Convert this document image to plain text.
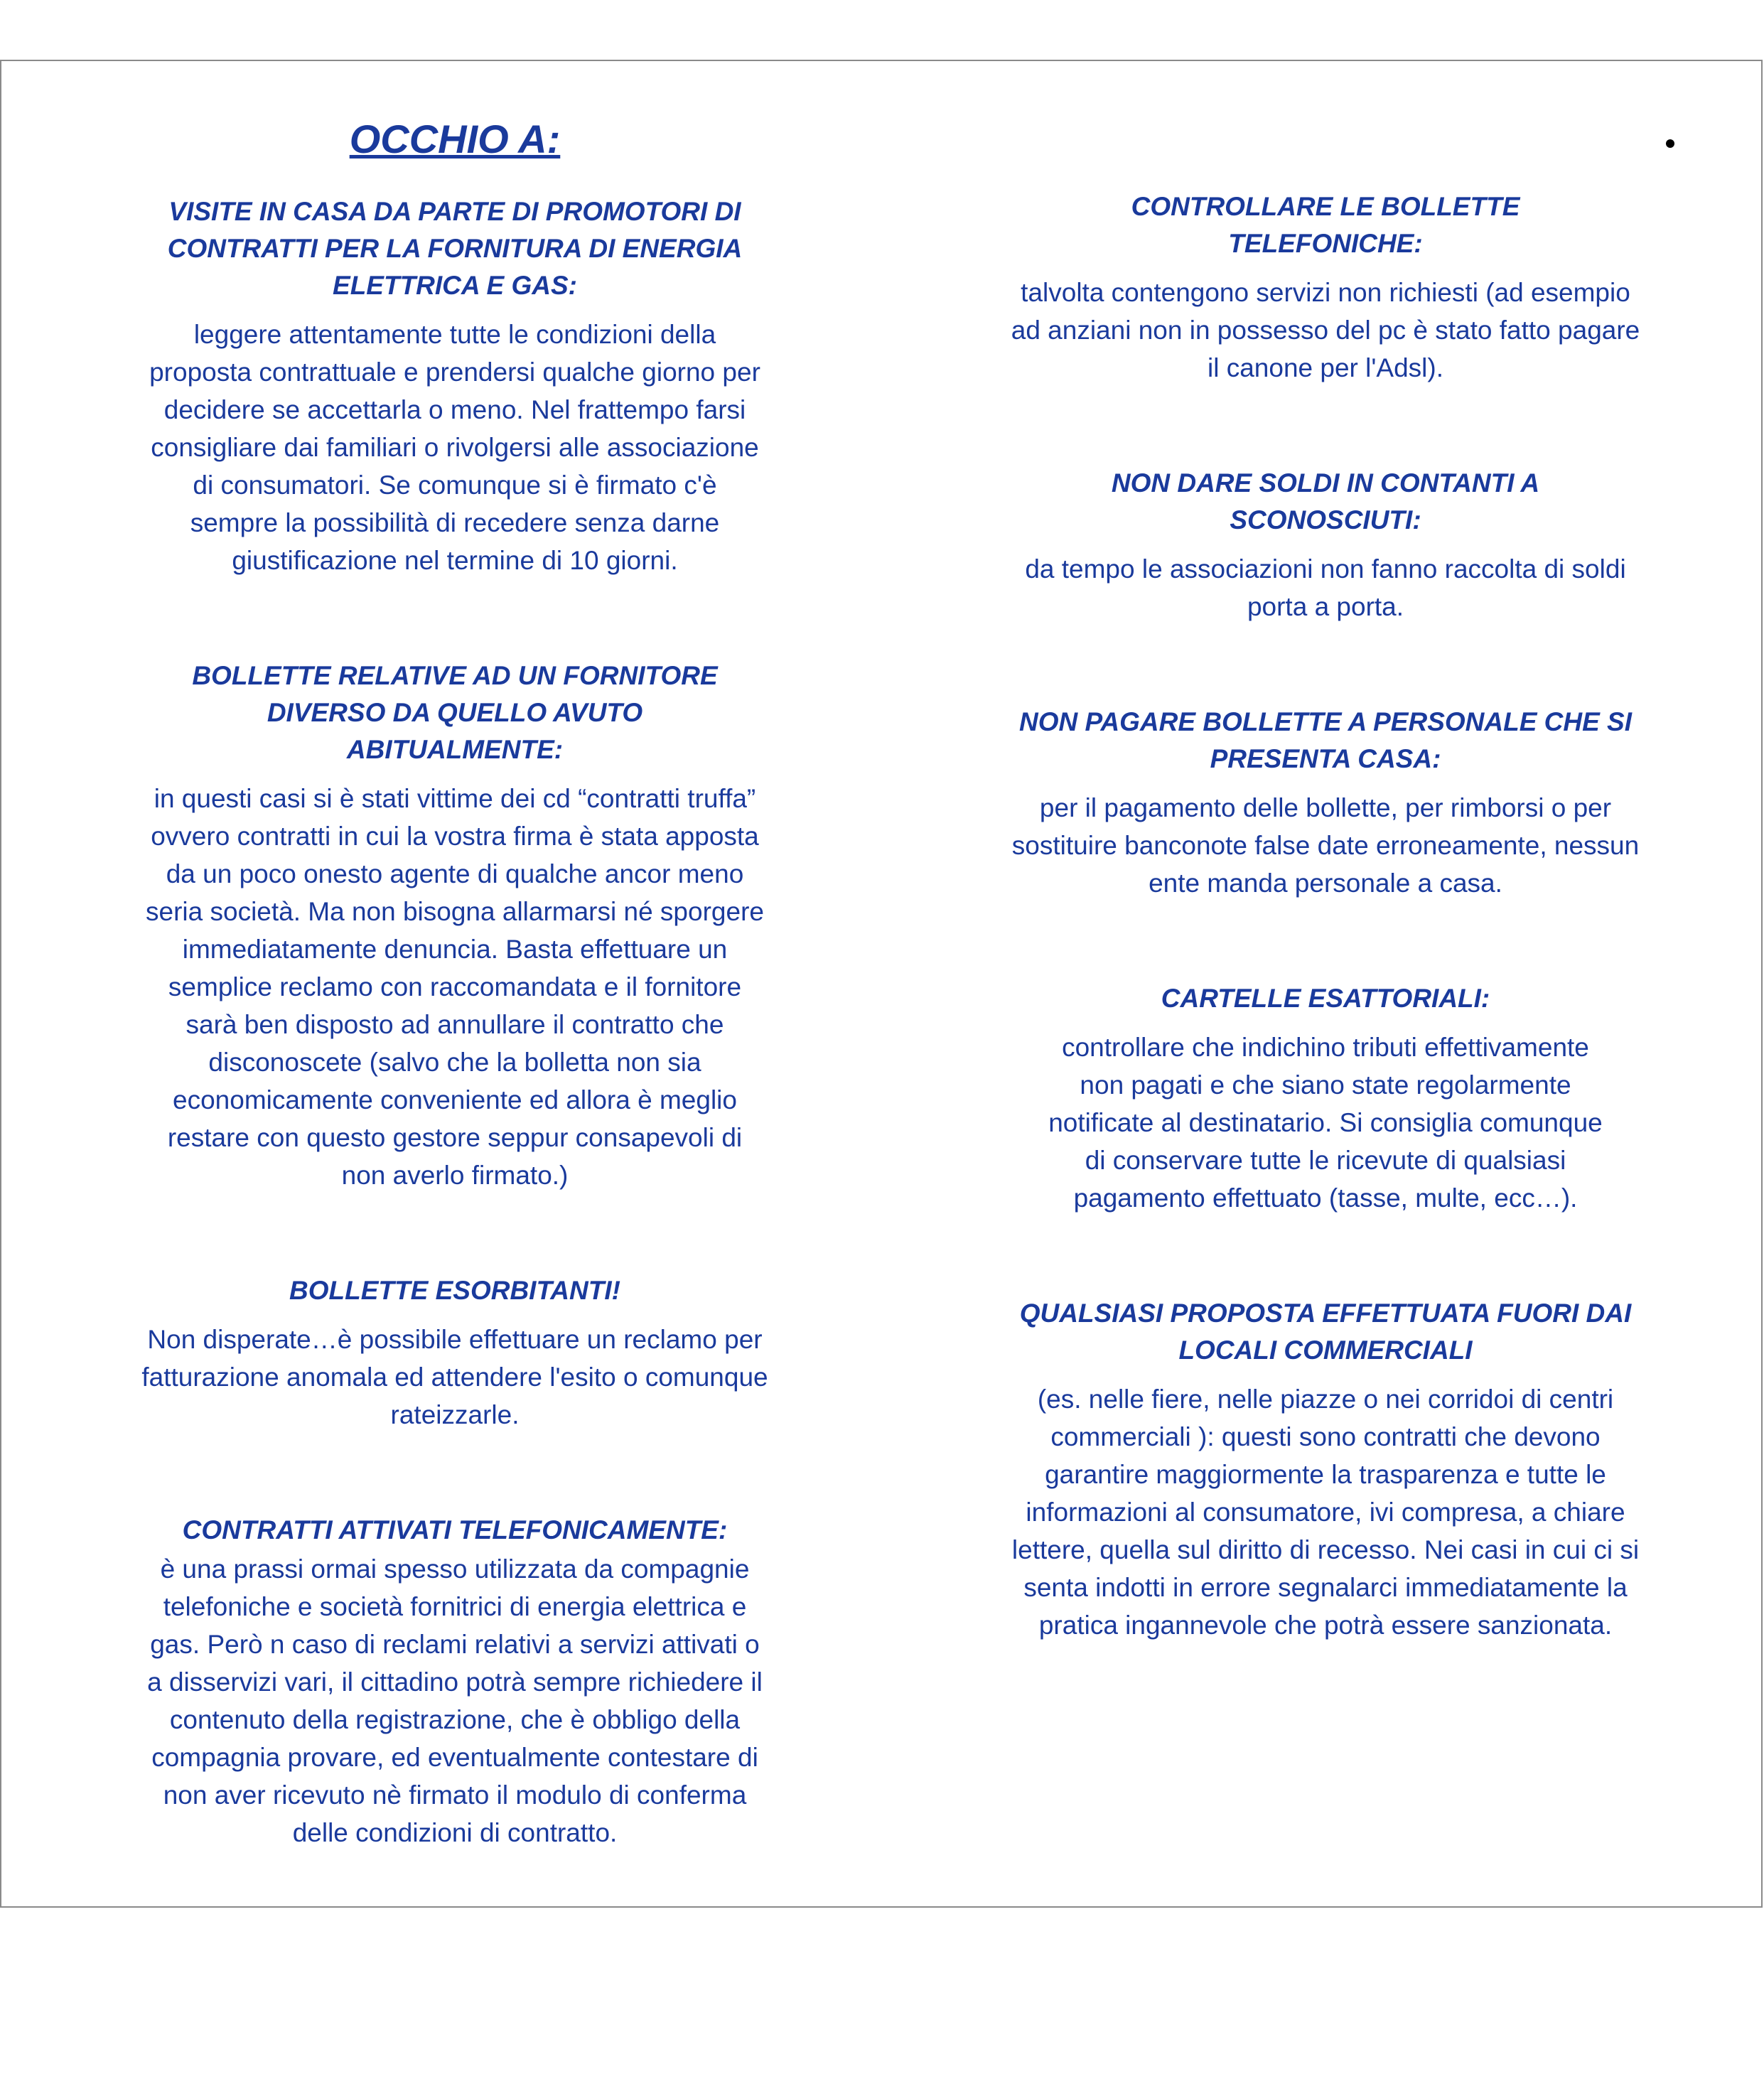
OCCHIO A:
VISITE IN CASA DA PARTE DI PROMOTORI DI CONTRATTI PER LA FORNITURA DI ENERGIA ELETTRICA E GAS:
leggere attentamente tutte le condizioni della proposta contrattuale e prendersi qualche giorno per decidere se accettarla o meno. Nel frattempo farsi consigliare dai familiari o rivolgersi alle associazione di consumatori. Se comunque si è firmato c'è sempre la possibilità di recedere senza darne giustificazione nel termine di 10 giorni.
BOLLETTE RELATIVE AD UN FORNITORE DIVERSO DA QUELLO AVUTO ABITUALMENTE:
in questi casi si è stati vittime dei cd “contratti truffa” ovvero contratti in cui la vostra firma è stata apposta da un poco onesto agente di qualche ancor meno seria società. Ma non bisogna allarmarsi né sporgere immediatamente denuncia. Basta effettuare un semplice reclamo con raccomandata e il fornitore sarà ben disposto ad annullare il contratto che disconoscete (salvo che la bolletta non sia economicamente conveniente ed allora è meglio restare con questo gestore seppur consapevoli di non averlo firmato.)
BOLLETTE ESORBITANTI!
Non disperate…è possibile effettuare un reclamo per fatturazione anomala ed attendere l'esito o comunque rateizzarle.
CONTRATTI ATTIVATI TELEFONICAMENTE:
è una prassi ormai spesso utilizzata da compagnie telefoniche e società fornitrici di energia elettrica e gas. Però n caso di reclami relativi a servizi attivati o a disservizi vari, il cittadino potrà sempre richiedere il contenuto della registrazione, che è obbligo della compagnia provare, ed eventualmente contestare di non aver ricevuto nè firmato il modulo di conferma delle condizioni di contratto.
CONTROLLARE LE BOLLETTE TELEFONICHE:
talvolta contengono servizi non richiesti (ad esempio ad anziani non in possesso del pc è stato fatto pagare il canone per l'Adsl).
NON DARE SOLDI IN CONTANTI A SCONOSCIUTI:
da tempo le associazioni non fanno raccolta di soldi porta a porta.
NON PAGARE BOLLETTE A PERSONALE CHE SI PRESENTA CASA:
per il pagamento delle bollette, per rimborsi o per sostituire banconote false date erroneamente, nessun ente manda personale a casa.
CARTELLE ESATTORIALI:
controllare che indichino tributi effettivamente non pagati e che siano state regolarmente notificate al destinatario. Si consiglia comunque di conservare tutte le ricevute di qualsiasi pagamento effettuato (tasse, multe, ecc…).
QUALSIASI PROPOSTA EFFETTUATA FUORI DAI LOCALI COMMERCIALI
(es. nelle fiere, nelle piazze o nei corridoi di centri commerciali ): questi sono contratti che devono garantire maggiormente la trasparenza e tutte le informazioni al consumatore, ivi compresa, a chiare lettere, quella sul diritto di recesso. Nei casi in cui ci si senta indotti in errore segnalarci immediatamente la pratica ingannevole che potrà essere sanzionata.
